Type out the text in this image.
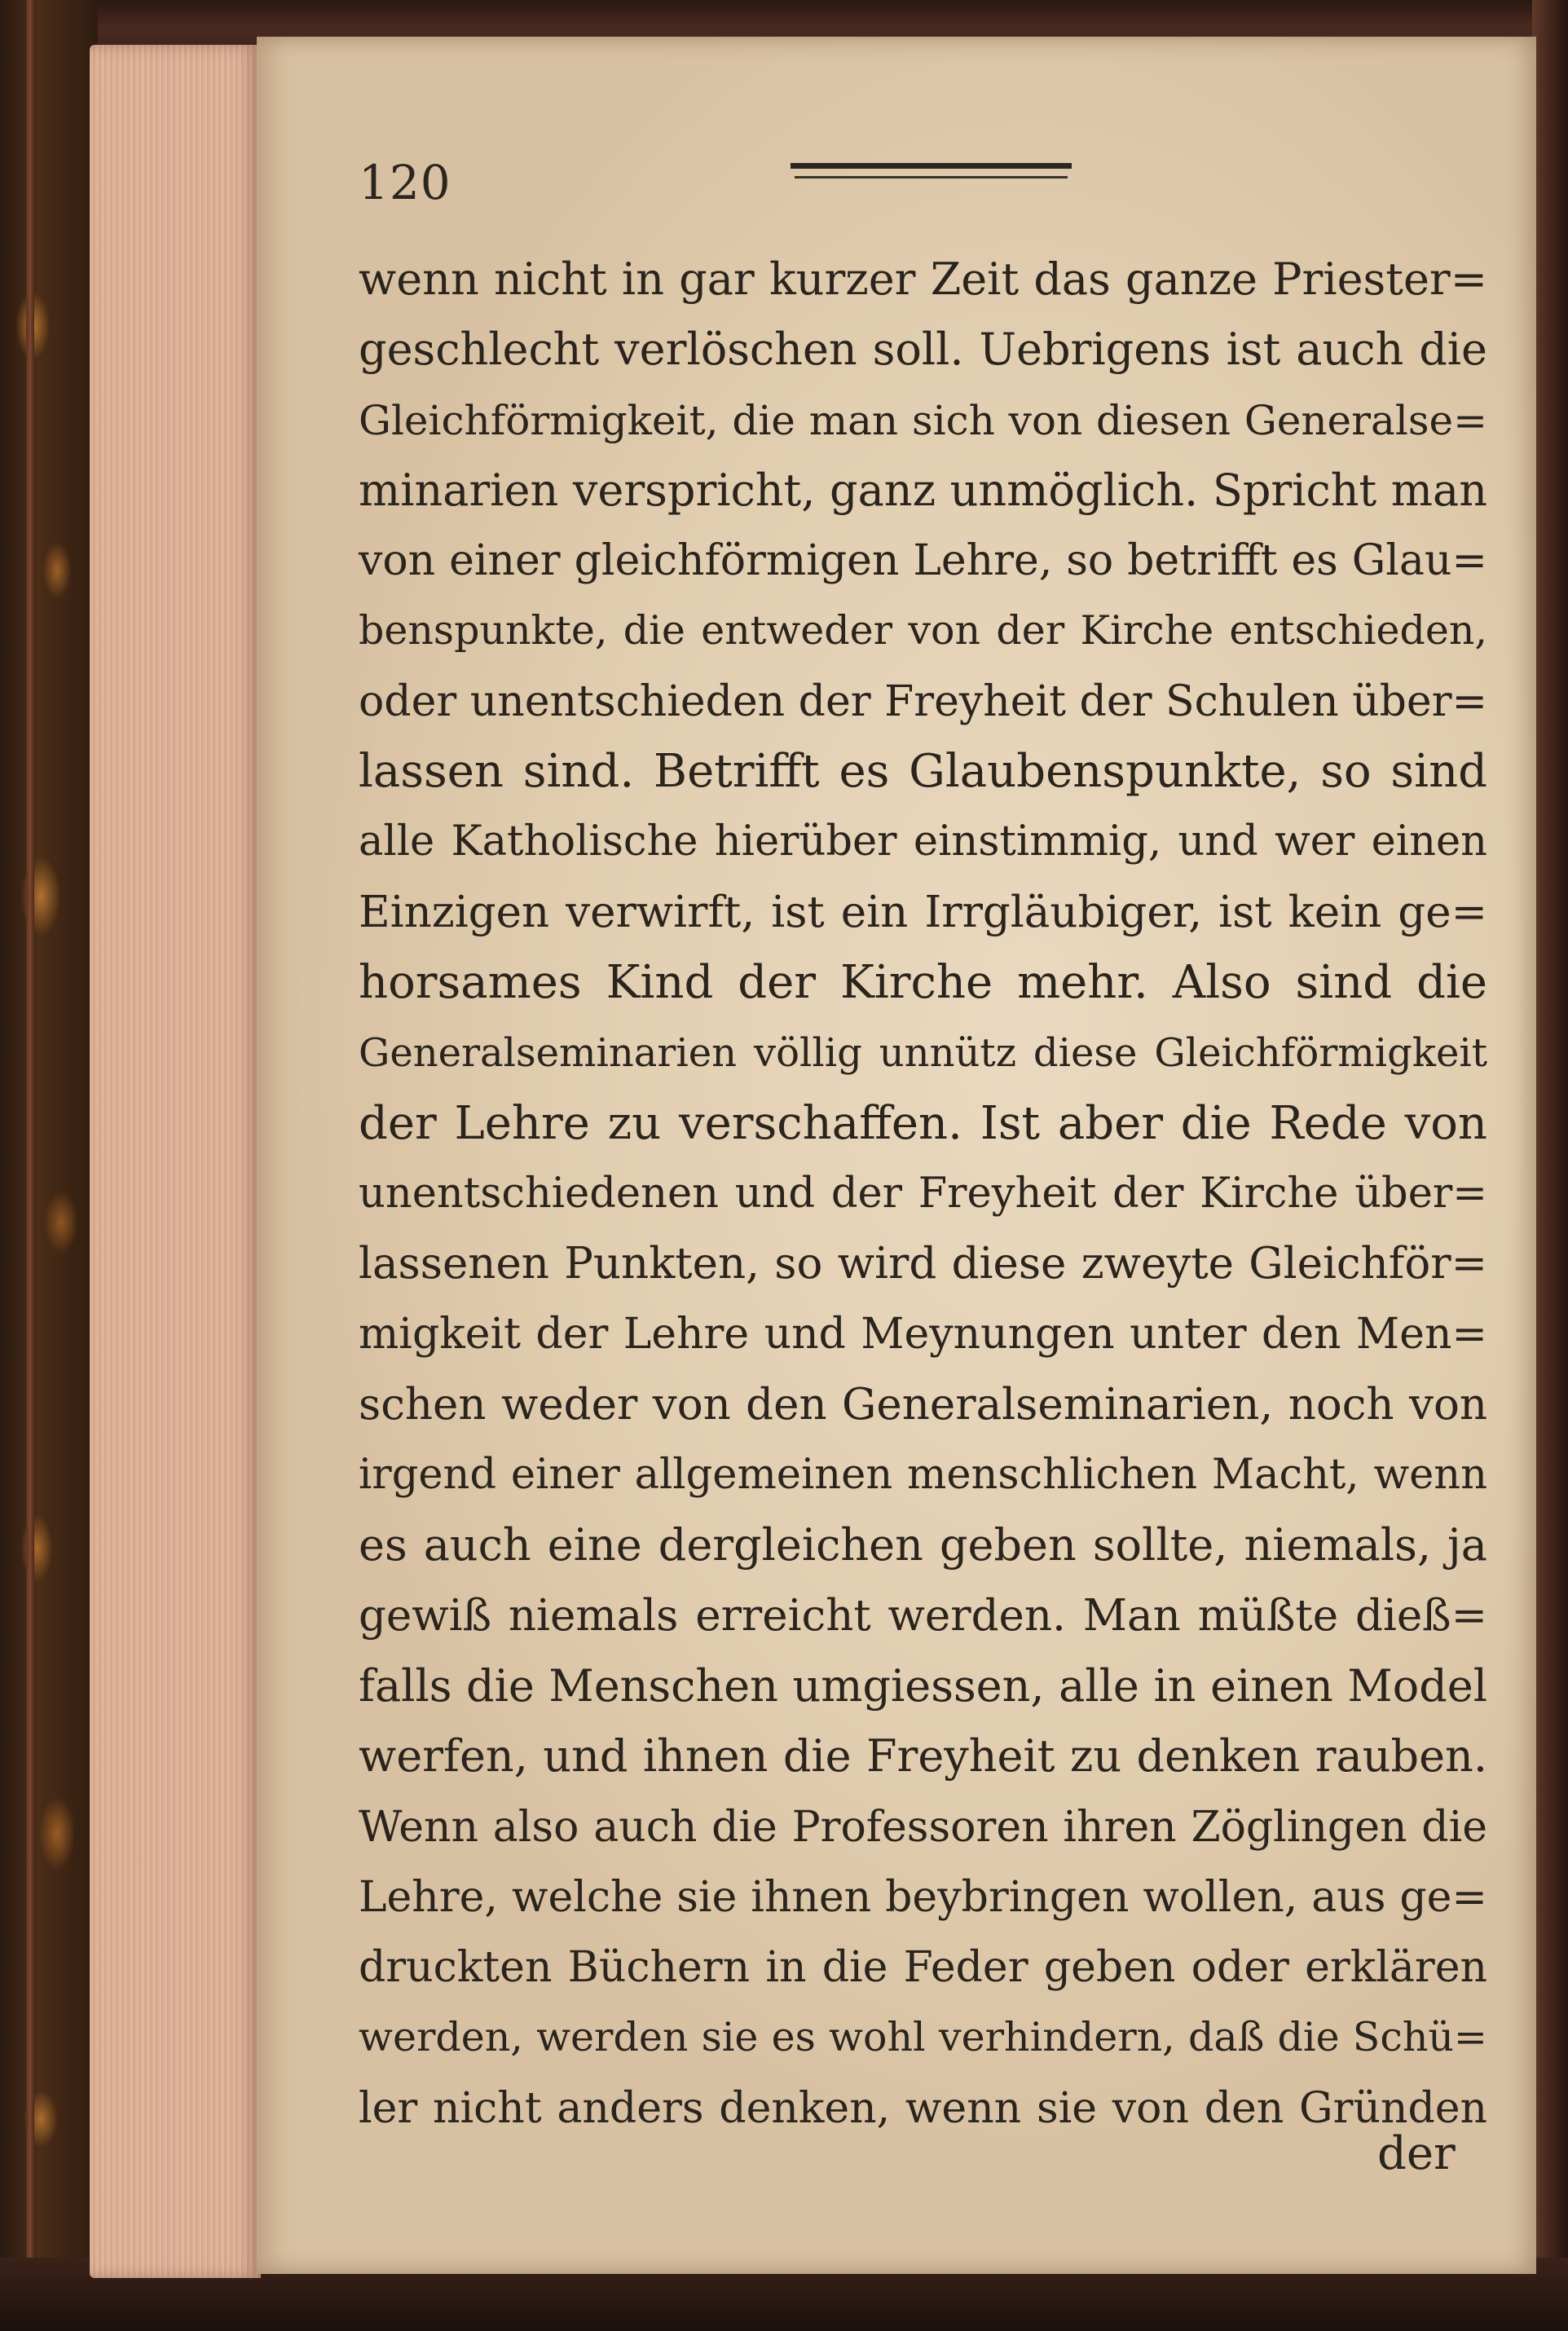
120
wenn nicht in gar kurzer Zeit das ganze Priester=
geschlecht verlöschen soll. Uebrigens ist auch die
Gleichförmigkeit, die man sich von diesen Generalse=
minarien verspricht, ganz unmöglich. Spricht man
von einer gleichförmigen Lehre, so betrifft es Glau=
benspunkte, die entweder von der Kirche entschieden,
oder unentschieden der Freyheit der Schulen über=
lassen sind. Betrifft es Glaubenspunkte, so sind
alle Katholische hierüber einstimmig, und wer einen
Einzigen verwirft, ist ein Irrgläubiger, ist kein ge=
horsames Kind der Kirche mehr. Also sind die
Generalseminarien völlig unnütz diese Gleichförmigkeit
der Lehre zu verschaffen. Ist aber die Rede von
unentschiedenen und der Freyheit der Kirche über=
lassenen Punkten, so wird diese zweyte Gleichför=
migkeit der Lehre und Meynungen unter den Men=
schen weder von den Generalseminarien, noch von
irgend einer allgemeinen menschlichen Macht, wenn
es auch eine dergleichen geben sollte, niemals, ja
gewiß niemals erreicht werden. Man müßte dieß=
falls die Menschen umgiessen, alle in einen Model
werfen, und ihnen die Freyheit zu denken rauben.
Wenn also auch die Professoren ihren Zöglingen die
Lehre, welche sie ihnen beybringen wollen, aus ge=
druckten Büchern in die Feder geben oder erklären
werden, werden sie es wohl verhindern, daß die Schü=
ler nicht anders denken, wenn sie von den Gründen
der
